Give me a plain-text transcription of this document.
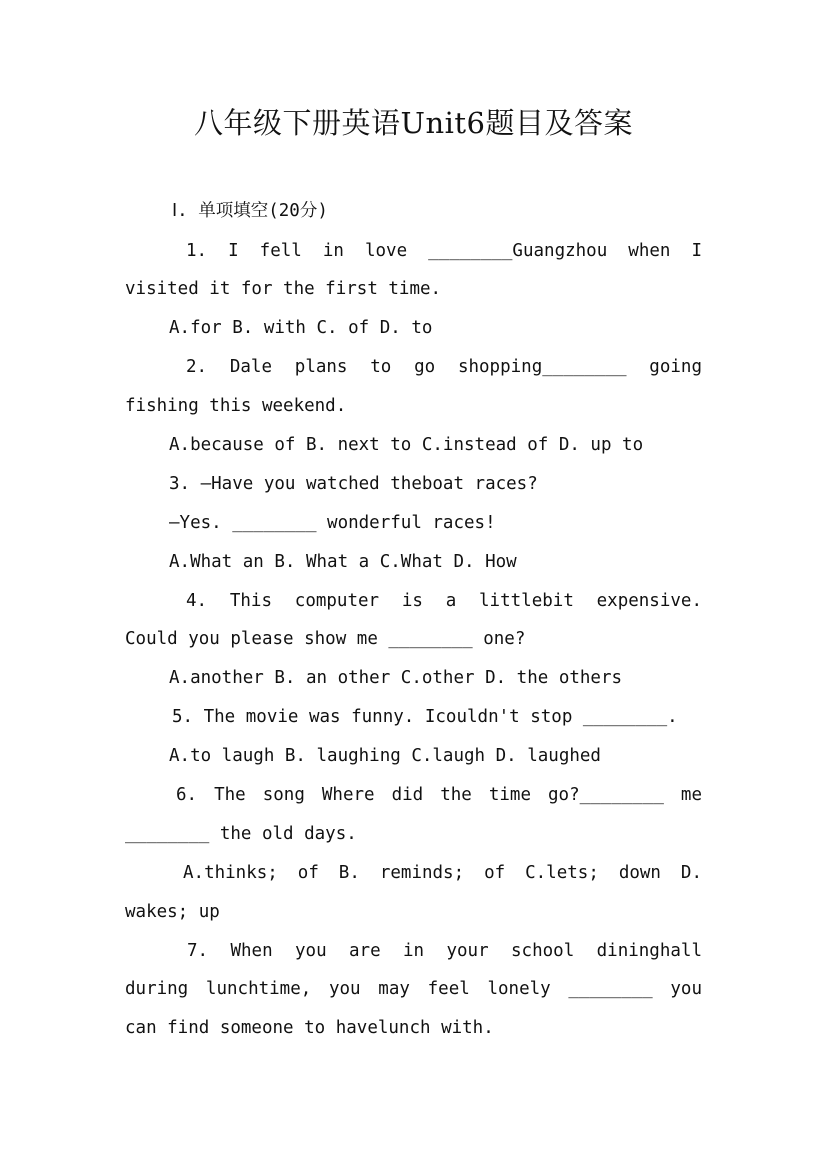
八年级下册英语Unit6题目及答案
Ⅰ. 单项填空(20分)
1. I fell in love ________Guangzhou when I
visited it for the first time.
A.for B. with C. of D. to
2. Dale plans to go shopping________ going
fishing this weekend.
A.because of B. next to C.instead of D. up to
3. —Have you watched theboat races?
—Yes. ________ wonderful races!
A.What an B. What a C.What D. How
4. This computer is a littlebit expensive.
Could you please show me ________ one?
A.another B. an other C.other D. the others
5. The movie was funny. Icouldn't stop ________.
A.to laugh B. laughing C.laugh D. laughed
6. The song Where did the time go?________ me
________ the old days.
A.thinks; of B. reminds; of C.lets; down D.
wakes; up
7. When you are in your school dininghall
during lunchtime, you may feel lonely ________ you
can find someone to havelunch with.
